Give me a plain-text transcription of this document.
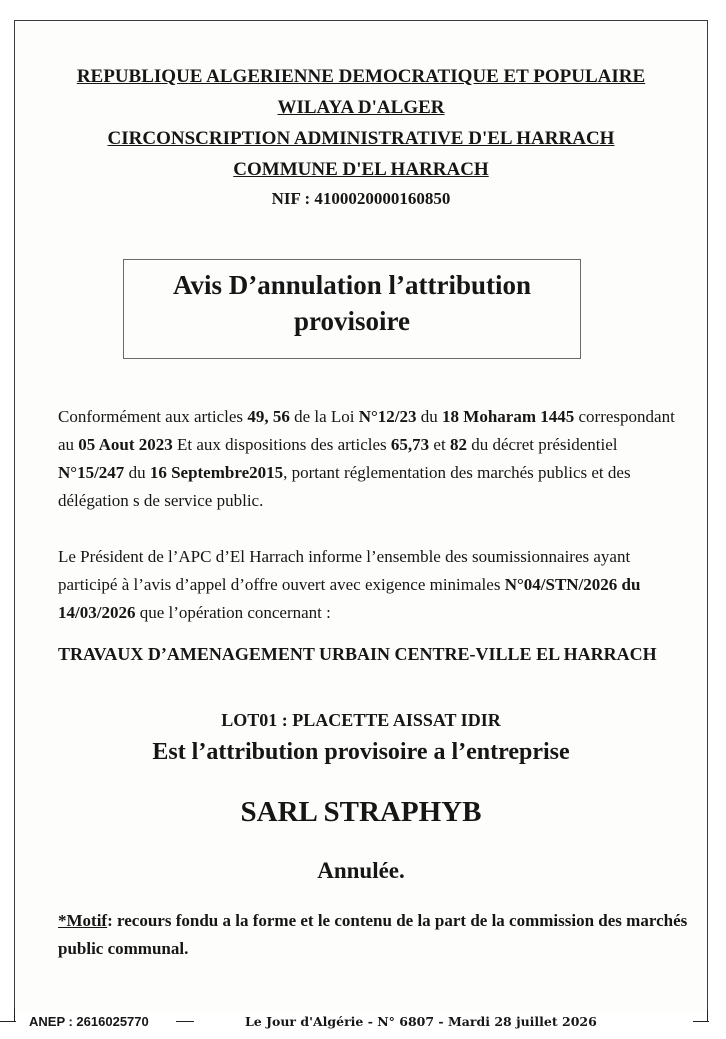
REPUBLIQUE ALGERIENNE DEMOCRATIQUE ET POPULAIRE
WILAYA D'ALGER
CIRCONSCRIPTION ADMINISTRATIVE D'EL HARRACH
COMMUNE D'EL HARRACH
NIF : 4100020000160850
Avis D’annulation l’attribution
provisoire
Conformément aux articles 49, 56 de la Loi N°12/23 du 18 Moharam 1445 correspondant au 05 Aout 2023 Et aux dispositions des articles 65,73 et 82 du décret présidentiel N°15/247 du 16 Septembre2015, portant réglementation des marchés publics et des délégation s de service public.
Le Président de l’APC d’El Harrach informe l’ensemble des soumissionnaires ayant participé à l’avis d’appel d’offre ouvert avec exigence minimales N°04/STN/2026 du 14/03/2026 que l’opération concernant :
TRAVAUX D’AMENAGEMENT URBAIN CENTRE-VILLE EL HARRACH
LOT01 : PLACETTE AISSAT IDIR
Est l’attribution provisoire a l’entreprise
SARL STRAPHYB
Annulée.
*Motif: recours fondu a la forme et le contenu de la part de la commission des marchés public communal.
ANEP : 2616025770	Le Jour d'Algérie - N° 6807 - Mardi 28 juillet 2026
